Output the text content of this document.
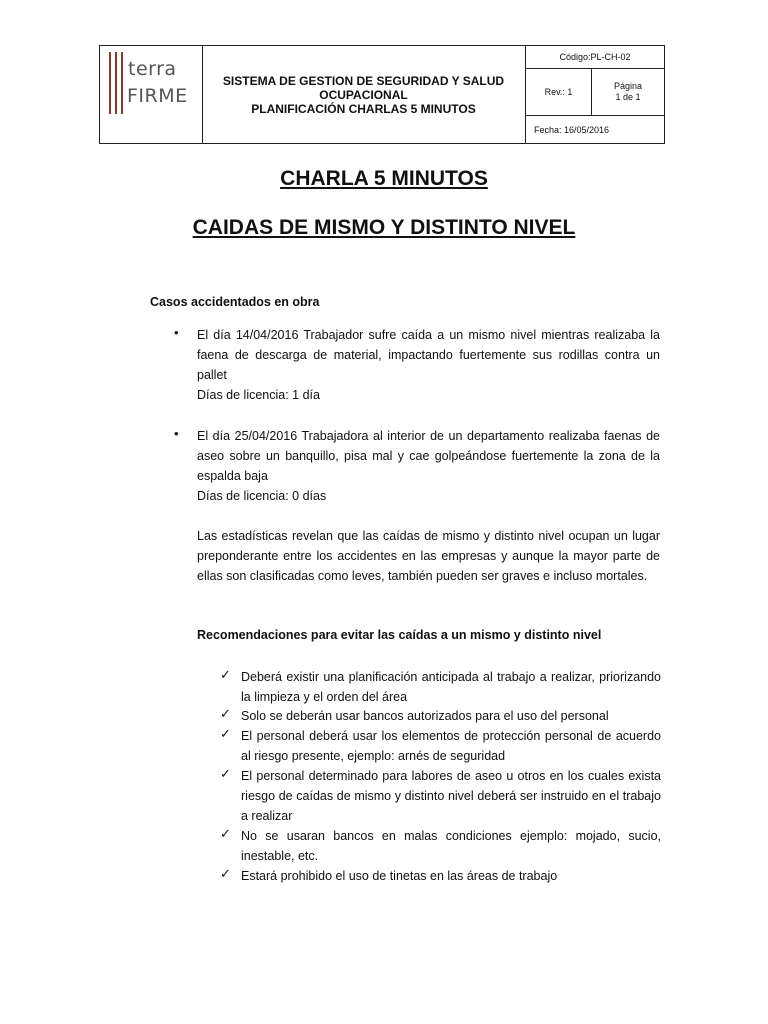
terra
FIRME
SISTEMA DE GESTION DE SEGURIDAD Y SALUD
OCUPACIONAL
PLANIFICACIÓN CHARLAS 5 MINUTOS
Código:PL-CH-02
Rev.: 1
Página
1 de 1
Fecha: 16/05/2016
CHARLA 5 MINUTOS
CAIDAS DE MISMO Y DISTINTO NIVEL
Casos accidentados en obra
• El día 14/04/2016 Trabajador sufre caída a un mismo nivel mientras realizaba la faena de descarga de material, impactando fuertemente sus rodillas contra un pallet
Días de licencia: 1 día
• El día 25/04/2016 Trabajadora al interior de un departamento realizaba faenas de aseo sobre un banquillo, pisa mal y cae golpeándose fuertemente la zona de la espalda baja
Días de licencia: 0 días
Las estadísticas revelan que las caídas de mismo y distinto nivel ocupan un lugar preponderante entre los accidentes en las empresas y aunque la mayor parte de ellas son clasificadas como leves, también pueden ser graves e incluso mortales.
Recomendaciones para evitar las caídas a un mismo y distinto nivel
✓ Deberá existir una planificación anticipada al trabajo a realizar, priorizando la limpieza y el orden del área
✓ Solo se deberán usar bancos autorizados para el uso del personal
✓ El personal deberá usar los elementos de protección personal de acuerdo al riesgo presente, ejemplo: arnés de seguridad
✓ El personal determinado para labores de aseo u otros en los cuales exista riesgo de caídas de mismo y distinto nivel deberá ser instruido en el trabajo a realizar
✓ No se usaran bancos en malas condiciones ejemplo: mojado, sucio, inestable, etc.
✓ Estará prohibido el uso de tinetas en las áreas de trabajo
